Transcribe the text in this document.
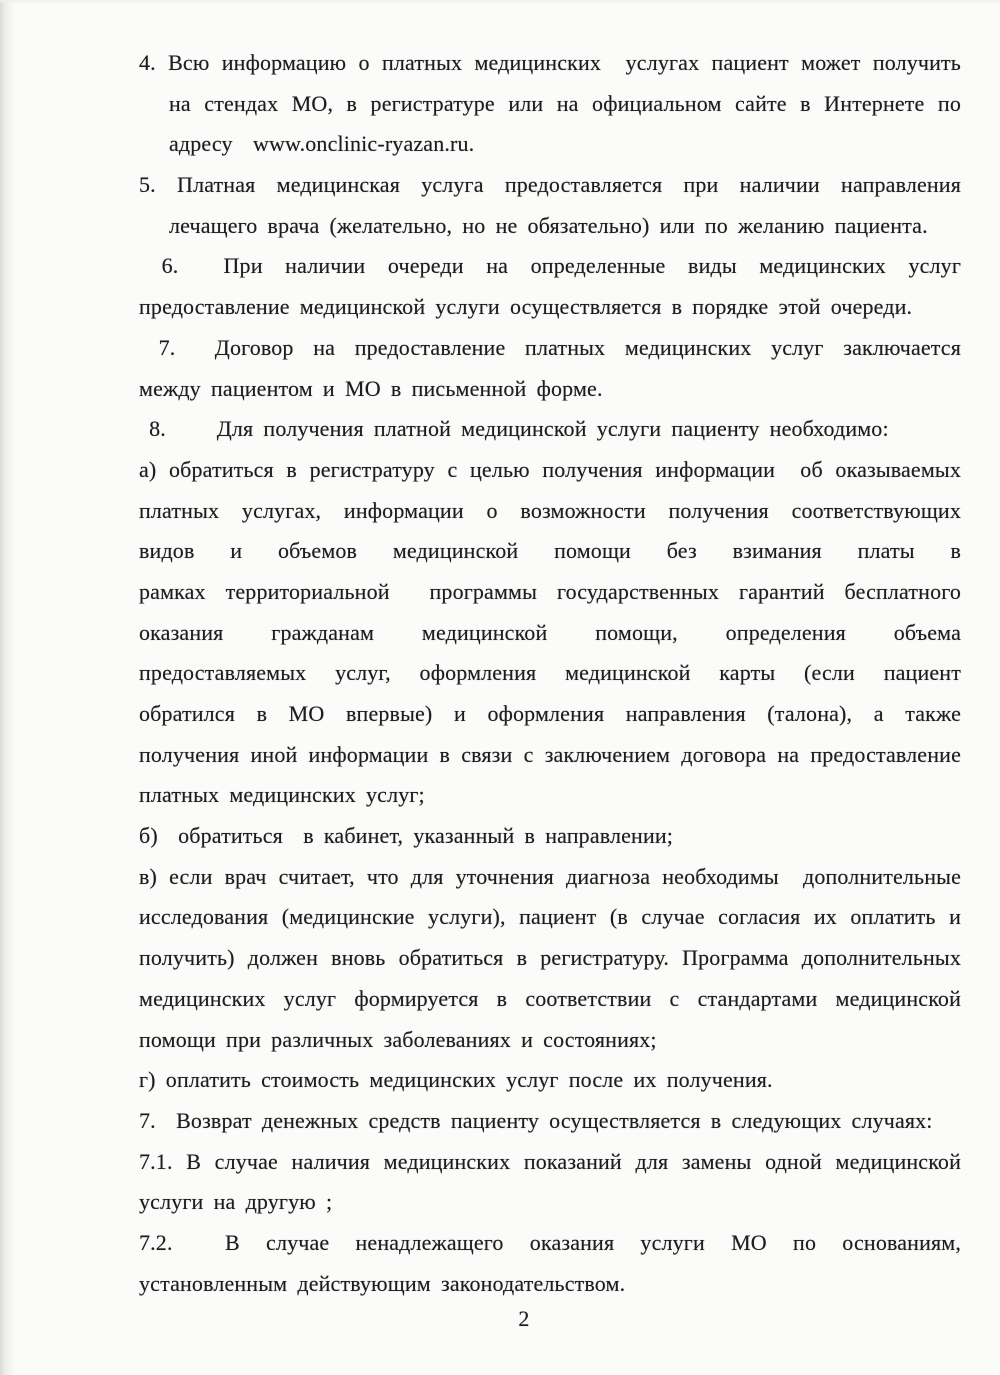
4. Всю информацию о платных медицинских  услугах пациент может получить
на стендах МО, в регистратуре или на официальном сайте в Интернете по
адресу  www.onclinic-ryazan.ru.
5. Платная медицинская услуга предоставляется при наличии направления
лечащего врача (желательно, но не обязательно) или по желанию пациента.
6.  При наличии очереди на определенные виды медицинских услуг
предоставление медицинской услуги осуществляется в порядке этой очереди.
7.  Договор на предоставление платных медицинских услуг заключается
между пациентом и МО в письменной форме.
8.     Для получения платной медицинской услуги пациенту необходимо:
а) обратиться в регистратуру с целью получения информации  об оказываемых
платных услугах, информации о возможности получения соответствующих
видов и объемов медицинской помощи без взимания платы в
рамках территориальной  программы государственных гарантий бесплатного
оказания гражданам медицинской помощи, определения объема
предоставляемых услуг, оформления медицинской карты (если пациент
обратился в МО впервые) и оформления направления (талона), а также
получения иной информации в связи с заключением договора на предоставление
платных медицинских услуг;
б)  обратиться  в кабинет, указанный в направлении;
в) если врач считает, что для уточнения диагноза необходимы  дополнительные
исследования (медицинские услуги), пациент (в случае согласия их оплатить и
получить) должен вновь обратиться в регистратуру. Программа дополнительных
медицинских услуг формируется в соответствии с стандартами медицинской
помощи при различных заболеваниях и состояниях;
г) оплатить стоимость медицинских услуг после их получения.
7.  Возврат денежных средств пациенту осуществляется в следующих случаях:
7.1. В случае наличия медицинских показаний для замены одной медицинской
услуги на другую ;
7.2.  В случае ненадлежащего оказания услуги МО по основаниям,
установленным действующим законодательством.
2
